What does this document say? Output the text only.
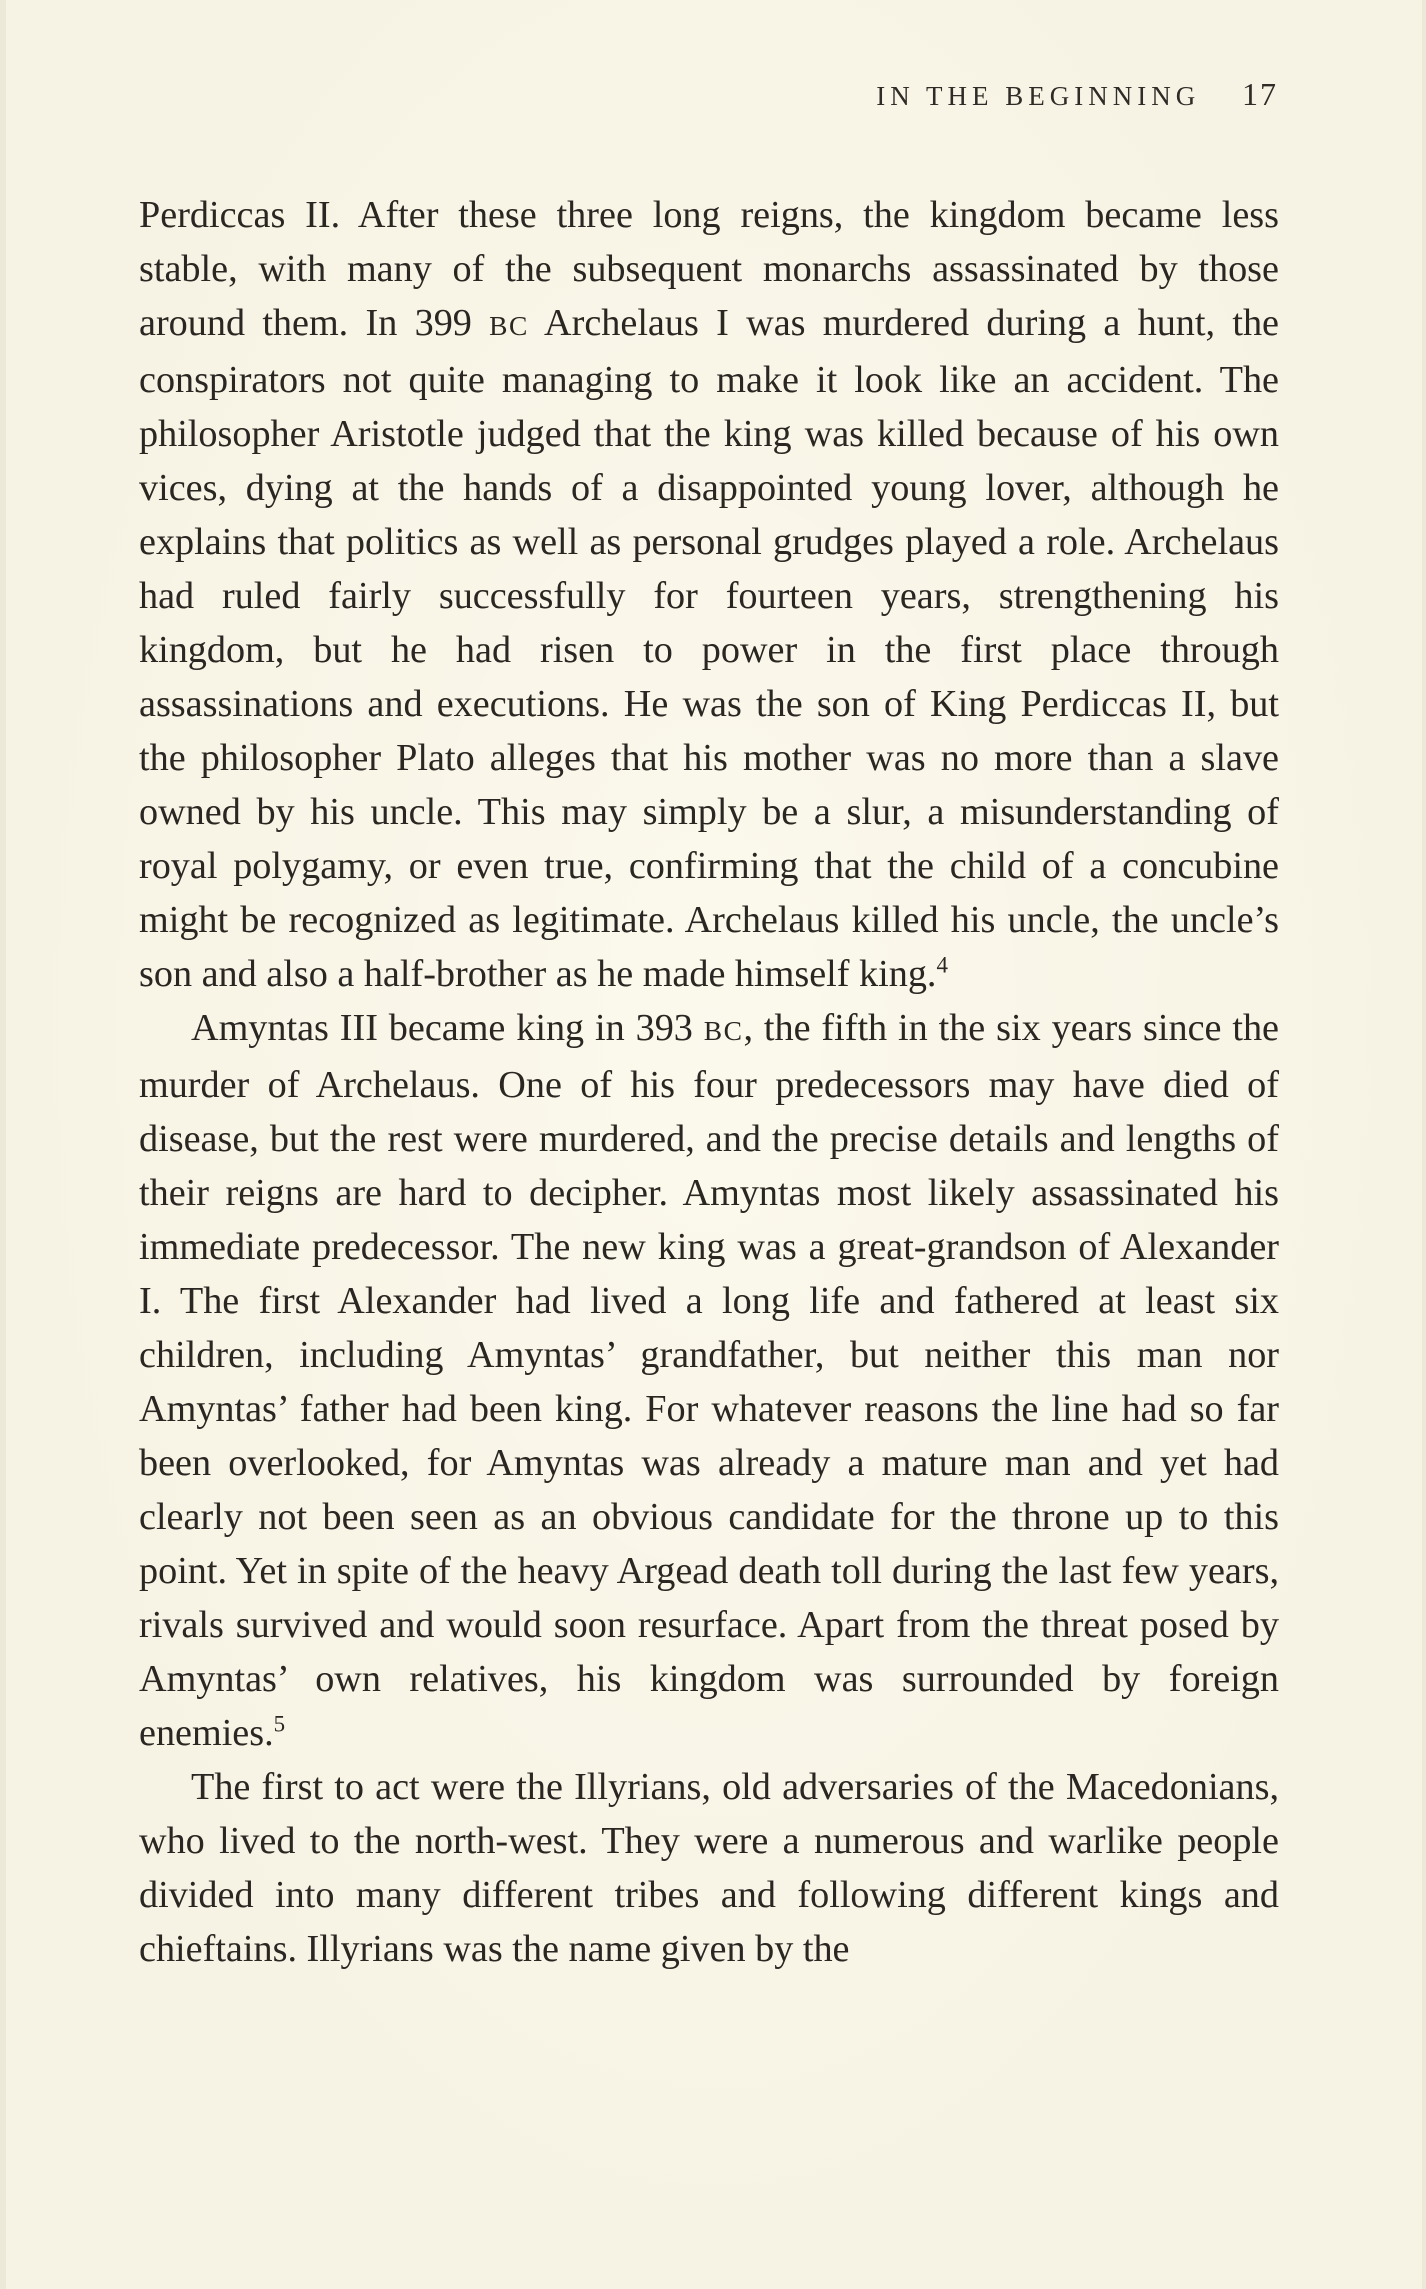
IN THE BEGINNING 17

Perdiccas II. After these three long reigns, the kingdom became less stable, with many of the subsequent monarchs assassinated by those around them. In 399 BC Archelaus I was murdered during a hunt, the conspirators not quite managing to make it look like an accident. The philosopher Aristotle judged that the king was killed because of his own vices, dying at the hands of a disappointed young lover, although he explains that politics as well as personal grudges played a role. Archelaus had ruled fairly successfully for fourteen years, strengthening his kingdom, but he had risen to power in the first place through assassinations and executions. He was the son of King Perdiccas II, but the philosopher Plato alleges that his mother was no more than a slave owned by his uncle. This may simply be a slur, a misunderstanding of royal polygamy, or even true, confirming that the child of a concubine might be recognized as legitimate. Archelaus killed his uncle, the uncle’s son and also a half-brother as he made himself king.$^4$

Amyntas III became king in 393 BC, the fifth in the six years since the murder of Archelaus. One of his four predecessors may have died of disease, but the rest were murdered, and the precise details and lengths of their reigns are hard to decipher. Amyntas most likely assassinated his immediate predecessor. The new king was a great-grandson of Alexander I. The first Alexander had lived a long life and fathered at least six children, including Amyntas’ grandfather, but neither this man nor Amyntas’ father had been king. For whatever reasons the line had so far been overlooked, for Amyntas was already a mature man and yet had clearly not been seen as an obvious candidate for the throne up to this point. Yet in spite of the heavy Argead death toll during the last few years, rivals survived and would soon resurface. Apart from the threat posed by Amyntas’ own relatives, his kingdom was surrounded by foreign enemies.$^5$

The first to act were the Illyrians, old adversaries of the Macedonians, who lived to the north-west. They were a numerous and warlike people divided into many different tribes and following different kings and chieftains. Illyrians was the name given by the
